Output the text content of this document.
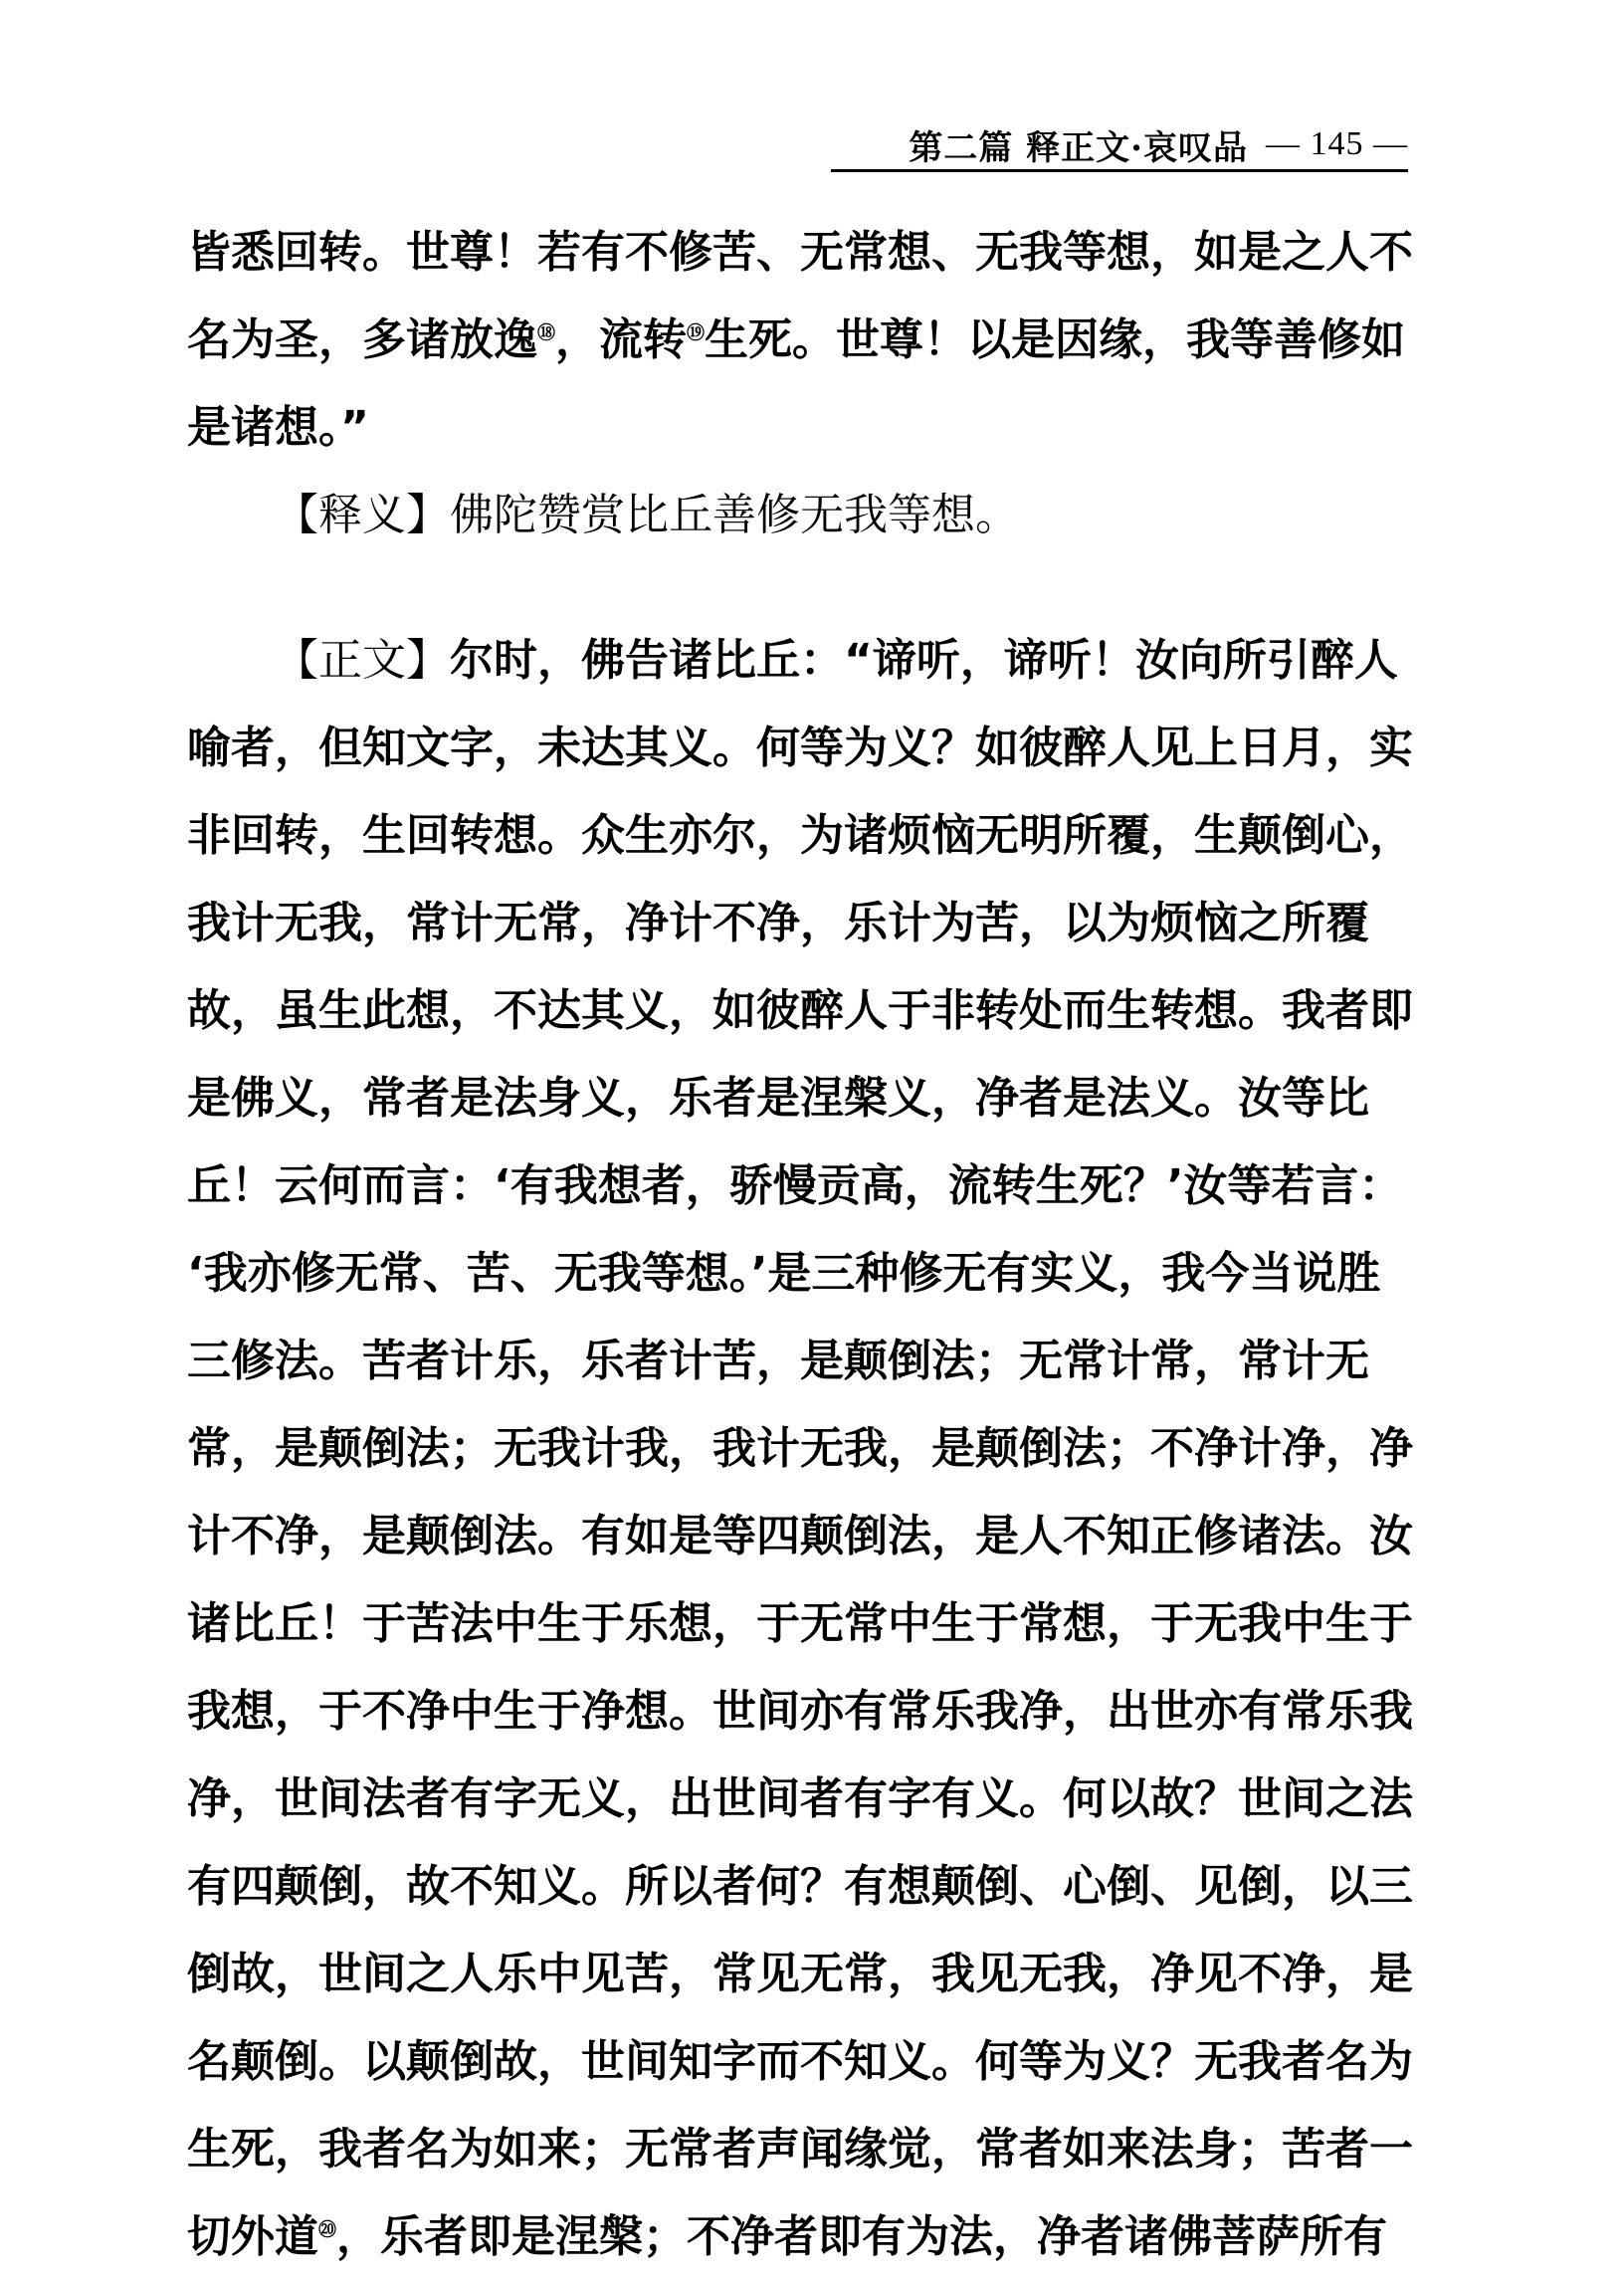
第二篇 释正文·哀叹品 — 145 —
皆悉回转。世尊！若有不修苦、无常想、无我等想，如是之人不
名为圣，多诸放逸⑱，流转⑲生死。世尊！以是因缘，我等善修如
是诸想。”
【释义】佛陀赞赏比丘善修无我等想。
【正文】尔时，佛告诸比丘：“谛听，谛听！汝向所引醉人
喻者，但知文字，未达其义。何等为义？如彼醉人见上日月，实
非回转，生回转想。众生亦尔，为诸烦恼无明所覆，生颠倒心，
我计无我，常计无常，净计不净，乐计为苦，以为烦恼之所覆
故，虽生此想，不达其义，如彼醉人于非转处而生转想。我者即
是佛义，常者是法身义，乐者是涅槃义，净者是法义。汝等比
丘！云何而言：‘有我想者，骄慢贡高，流转生死？’汝等若言：
‘我亦修无常、苦、无我等想。’是三种修无有实义，我今当说胜
三修法。苦者计乐，乐者计苦，是颠倒法；无常计常，常计无
常，是颠倒法；无我计我，我计无我，是颠倒法；不净计净，净
计不净，是颠倒法。有如是等四颠倒法，是人不知正修诸法。汝
诸比丘！于苦法中生于乐想，于无常中生于常想，于无我中生于
我想，于不净中生于净想。世间亦有常乐我净，出世亦有常乐我
净，世间法者有字无义，出世间者有字有义。何以故？世间之法
有四颠倒，故不知义。所以者何？有想颠倒、心倒、见倒，以三
倒故，世间之人乐中见苦，常见无常，我见无我，净见不净，是
名颠倒。以颠倒故，世间知字而不知义。何等为义？无我者名为
生死，我者名为如来；无常者声闻缘觉，常者如来法身；苦者一
切外道⑳，乐者即是涅槃；不净者即有为法，净者诸佛菩萨所有
